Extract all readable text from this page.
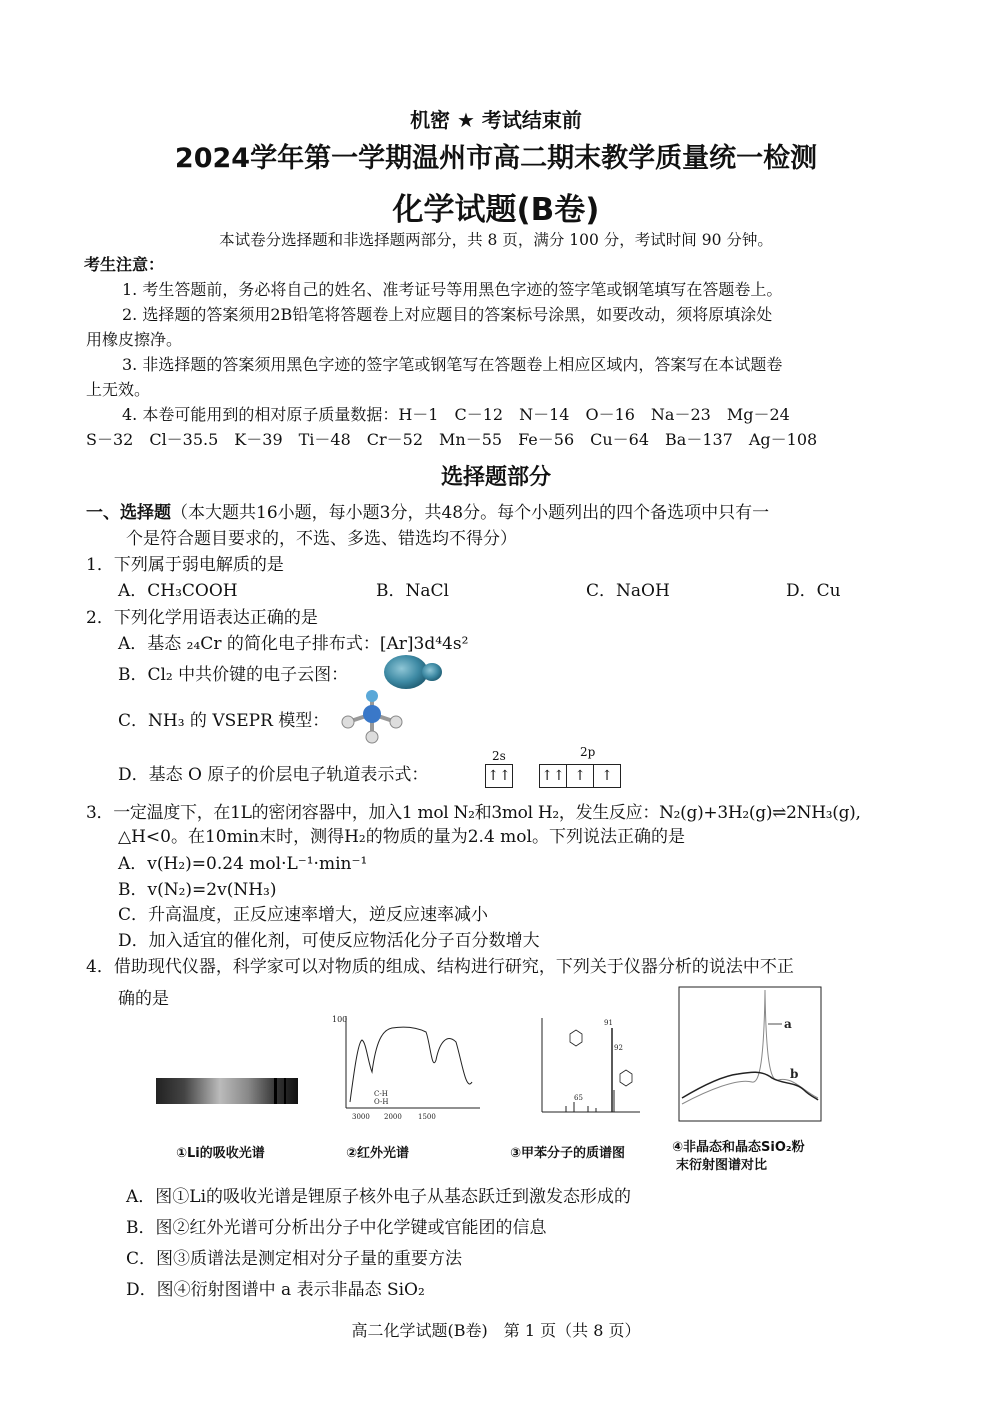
机密 ★ 考试结束前
2024学年第一学期温州市高二期末教学质量统一检测
化学试题(B卷)
本试卷分选择题和非选择题两部分，共 8 页，满分 100 分，考试时间 90 分钟。
考生注意：
1. 考生答题前，务必将自己的姓名、准考证号等用黑色字迹的签字笔或钢笔填写在答题卷上。
2. 选择题的答案须用2B铅笔将答题卷上对应题目的答案标号涂黑，如要改动，须将原填涂处
用橡皮擦净。
3. 非选择题的答案须用黑色字迹的签字笔或钢笔写在答题卷上相应区域内，答案写在本试题卷
上无效。
4. 本卷可能用到的相对原子质量数据：H－1　C－12　N－14　O－16　Na－23　Mg－24
S－32　Cl－35.5　K－39　Ti－48　Cr－52　Mn－55　Fe－56　Cu－64　Ba－137　Ag－108
选择题部分
一、选择题（本大题共16小题，每小题3分，共48分。每个小题列出的四个备选项中只有一
个是符合题目要求的，不选、多选、错选均不得分）
1．下列属于弱电解质的是
A．CH₃COOH	B．NaCl	C．NaOH	D．Cu
2．下列化学用语表达正确的是
A．基态 ₂₄Cr 的简化电子排布式：[Ar]3d⁴4s²
B．Cl₂ 中共价键的电子云图：
C．NH₃ 的 VSEPR 模型：
D．基态 O 原子的价层电子轨道表示式：
2s	2p
↑↑ ↑↑ ↑	↑
3．一定温度下，在1L的密闭容器中，加入1 mol N₂和3mol H₂，发生反应：N₂(g)+3H₂(g)⇌2NH₃(g),
△H<0。在10min末时，测得H₂的物质的量为2.4 mol。下列说法正确的是
A．v(H₂)=0.24 mol·L⁻¹·min⁻¹
B．v(N₂)=2v(NH₃)
C．升高温度，正反应速率增大，逆反应速率减小
D．加入适宜的催化剂，可使反应物活化分子百分数增大
4．借助现代仪器，科学家可以对物质的组成、结构进行研究，下列关于仪器分析的说法中不正
确的是
①Li的吸收光谱
100
C-H
O-H
3000 2000 1500
②红外光谱
91
92
65
③甲苯分子的质谱图
a
b
④非晶态和晶态SiO₂粉
末衍射图谱对比
A．图①Li的吸收光谱是锂原子核外电子从基态跃迁到激发态形成的
B．图②红外光谱可分析出分子中化学键或官能团的信息
C．图③质谱法是测定相对分子量的重要方法
D．图④衍射图谱中 a 表示非晶态 SiO₂
高二化学试题(B卷)　第 1 页（共 8 页）
